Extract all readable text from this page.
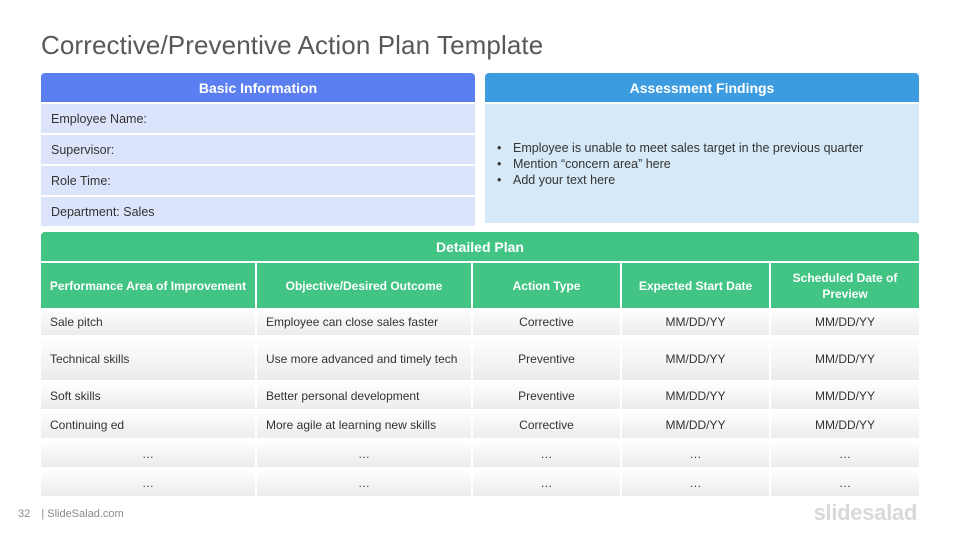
Corrective/Preventive Action Plan Template
Basic Information
Employee Name:
Supervisor:
Role Time:
Department: Sales
Assessment Findings
• Employee is unable to meet sales target in the previous quarter
• Mention “concern area” here
• Add your text here
Detailed Plan
Performance Area of Improvement	Objective/Desired Outcome	Action Type	Expected Start Date	Scheduled Date of Preview
Sale pitch	Employee can close sales faster	Corrective	MM/DD/YY	MM/DD/YY
Technical skills	Use more advanced and timely tech	Preventive	MM/DD/YY	MM/DD/YY
Soft skills	Better personal development	Preventive	MM/DD/YY	MM/DD/YY
Continuing ed	More agile at learning new skills	Corrective	MM/DD/YY	MM/DD/YY
…	…	…	…	…
…	…	…	…	…
32 | SlideSalad.com	slidesalad
